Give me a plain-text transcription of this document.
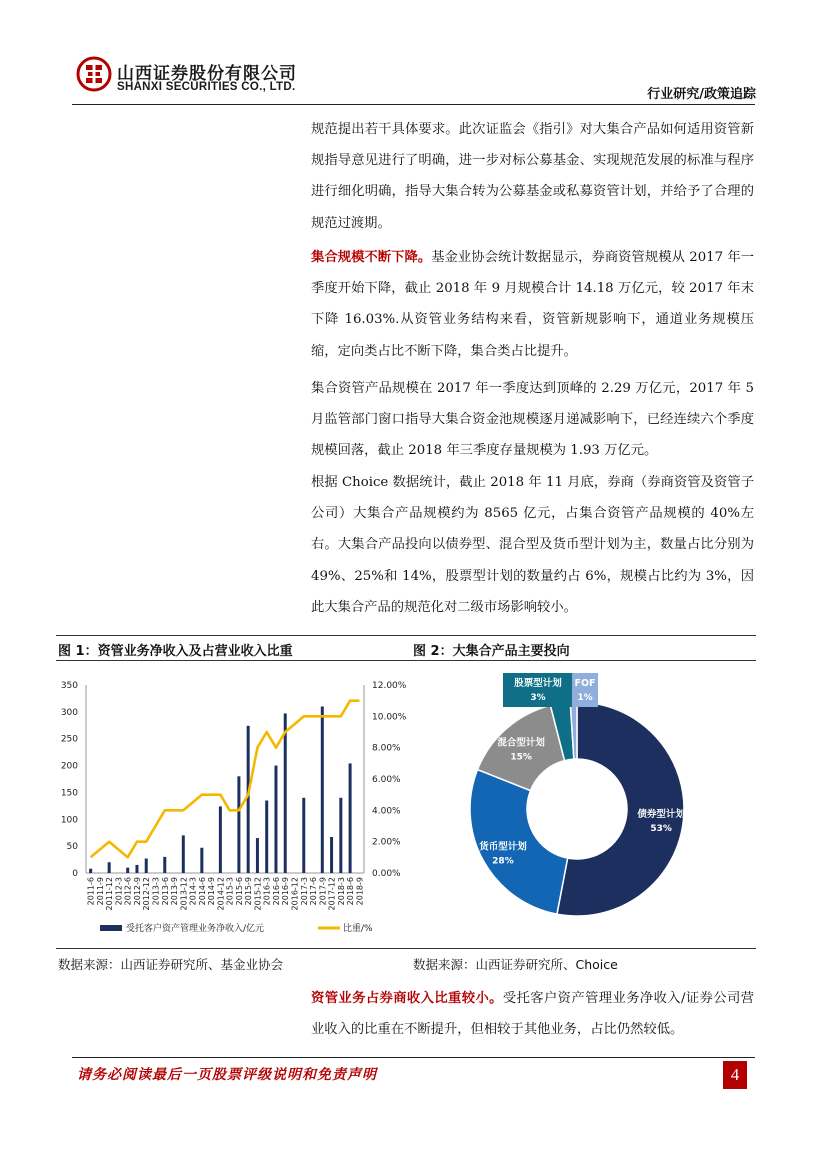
山西证券股份有限公司
SHANXI SECURITIES CO., LTD.	行业研究/政策追踪
规范提出若干具体要求。此次证监会《指引》对大集合产品如何适用资管新规指导意见进行了明确，进一步对标公募基金、实现规范发展的标准与程序进行细化明确，指导大集合转为公募基金或私募资管计划，并给予了合理的规范过渡期。
集合规模不断下降。基金业协会统计数据显示，券商资管规模从 2017 年一季度开始下降，截止 2018 年 9 月规模合计 14.18 万亿元，较 2017 年末下降 16.03%.从资管业务结构来看，资管新规影响下，通道业务规模压缩，定向类占比不断下降，集合类占比提升。
集合资管产品规模在 2017 年一季度达到顶峰的 2.29 万亿元，2017 年 5 月监管部门窗口指导大集合资金池规模逐月递减影响下，已经连续六个季度规模回落，截止 2018 年三季度存量规模为 1.93 万亿元。
根据 Choice 数据统计，截止 2018 年 11 月底，券商（券商资管及资管子公司）大集合产品规模约为 8565 亿元，占集合资管产品规模的 40%左右。大集合产品投向以债券型、混合型及货币型计划为主，数量占比分别为 49%、25%和 14%，股票型计划的数量约占 6%，规模占比约为 3%，因此大集合产品的规范化对二级市场影响较小。
图 1：资管业务净收入及占营业收入比重	图 2：大集合产品主要投向
350
300
250
200
150
100
50
0
12.00%
10.00%
8.00%
6.00%
4.00%
2.00%
0.00%
2011-6 2011-9 2011-12 2012-3 2012-6 2012-9 2012-12 2013-3 2013-6 2013-9 2013-12 2014-3 2014-6 2014-9 2014-12 2015-3 2015-6 2015-9 2015-12 2016-3 2016-6 2016-9 2016-12 2017-3 2017-6 2017-9 2017-12 2018-3 2018-6 2018-9
受托客户资产管理业务净收入/亿元	比重/%
债券型计划
53%
货币型计划
28%
混合型计划
15%
股票型计划
3%
FOF
1%
数据来源：山西证券研究所、基金业协会	数据来源：山西证券研究所、Choice
资管业务占券商收入比重较小。受托客户资产管理业务净收入/证券公司营业收入的比重在不断提升，但相较于其他业务，占比仍然较低。
请务必阅读最后一页股票评级说明和免责声明	4
